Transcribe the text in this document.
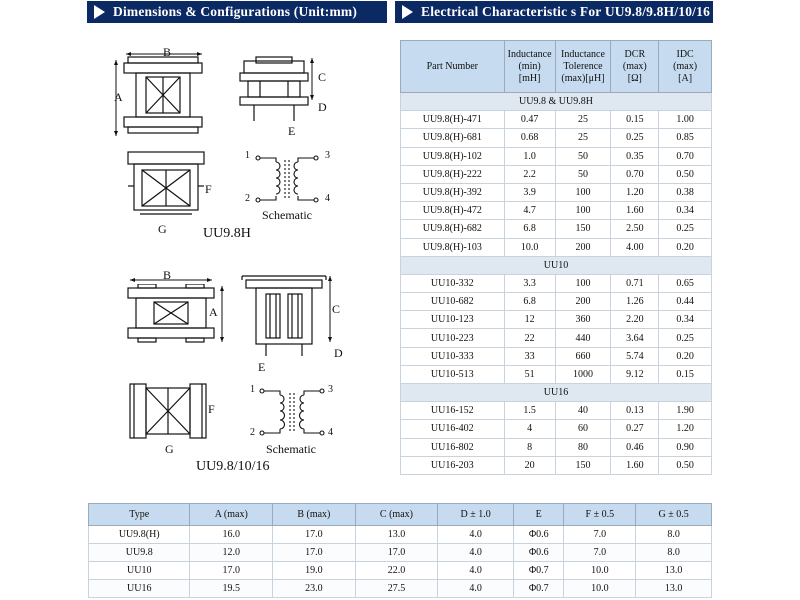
Dimensions & Configurations (Unit:mm)	Electrical Characteristic s For UU9.8/9.8H/10/16 Series
B
A
C
D
E
F
G
1	3
2	4
Schematic
UU9.8H
B
A	C
D
E
F
G
1	3
2	4
Schematic
UU9.8/10/16
Part Number	Inductance
(min)
[mH]	Inductance
Tolerence
(max)[μH]	DCR
(max)
[Ω]	IDC
(max)
[A]
UU9.8 & UU9.8H				
UU9.8(H)-471	0.47	25	0.15	1.00
UU9.8(H)-681	0.68	25	0.25	0.85
UU9.8(H)-102	1.0	50	0.35	0.70
UU9.8(H)-222	2.2	50	0.70	0.50
UU9.8(H)-392	3.9	100	1.20	0.38
UU9.8(H)-472	4.7	100	1.60	0.34
UU9.8(H)-682	6.8	150	2.50	0.25
UU9.8(H)-103	10.0	200	4.00	0.20
UU10				
UU10-332	3.3	100	0.71	0.65
UU10-682	6.8	200	1.26	0.44
UU10-123	12	360	2.20	0.34
UU10-223	22	440	3.64	0.25
UU10-333	33	660	5.74	0.20
UU10-513	51	1000	9.12	0.15
UU16				
UU16-152	1.5	40	0.13	1.90
UU16-402	4	60	0.27	1.20
UU16-802	8	80	0.46	0.90
UU16-203	20	150	1.60	0.50
Type	A (max)	B (max)	C (max)	D ± 1.0	E	F ± 0.5	G ± 0.5
UU9.8(H)	16.0	17.0	13.0	4.0	Φ0.6	7.0	8.0
UU9.8	12.0	17.0	17.0	4.0	Φ0.6	7.0	8.0
UU10	17.0	19.0	22.0	4.0	Φ0.7	10.0	13.0
UU16	19.5	23.0	27.5	4.0	Φ0.7	10.0	13.0
